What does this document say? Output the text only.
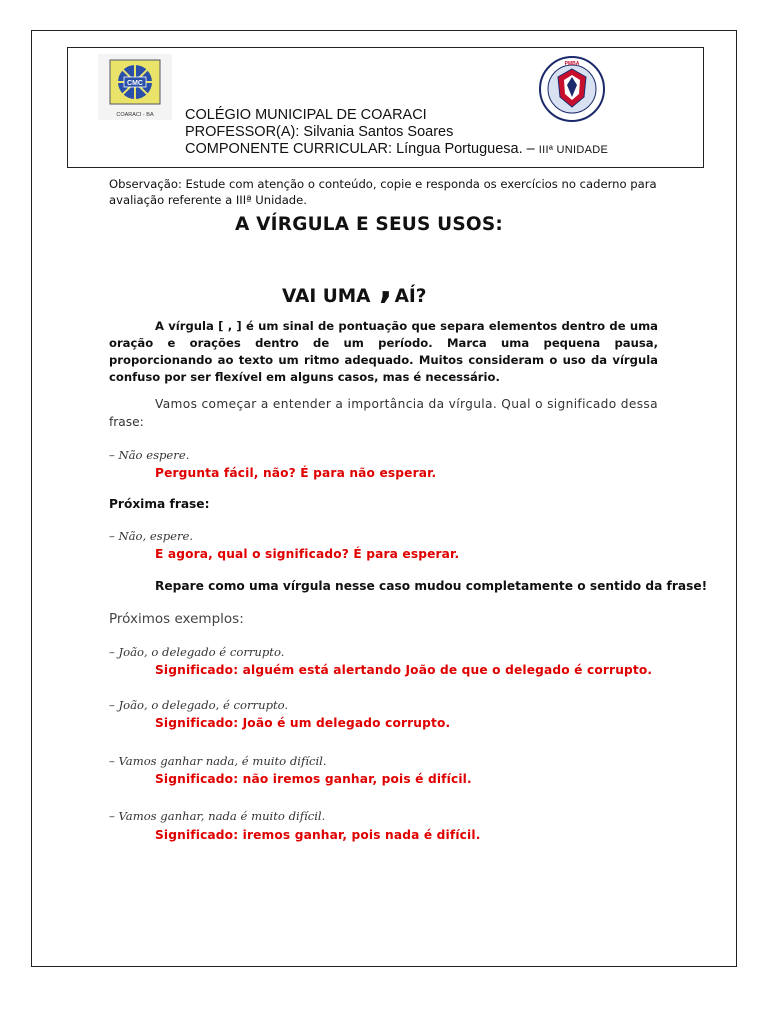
CMC
COARACI - BA
PMBA
COLÉGIO MUNICIPAL DE COARACI
PROFESSOR(A): Silvania Santos Soares
COMPONENTE CURRICULAR: Língua Portuguesa. – IIIª UNIDADE
Observação: Estude com atenção o conteúdo, copie e responda os exercícios no caderno para avaliação referente a IIIª Unidade.
A VÍRGULA E SEUS USOS:
VAI UMA , AÍ?
A vírgula [ , ] é um sinal de pontuação que separa elementos dentro de uma oração e orações dentro de um período. Marca uma pequena pausa, proporcionando ao texto um ritmo adequado. Muitos consideram o uso da vírgula confuso por ser flexível em alguns casos, mas é necessário.
Vamos começar a entender a importância da vírgula. Qual o significado dessa
frase:
– Não espere.
Pergunta fácil, não? É para não esperar.
Próxima frase:
– Não, espere.
E agora, qual o significado? É para esperar.
Repare como uma vírgula nesse caso mudou completamente o sentido da frase!
Próximos exemplos:
– João, o delegado é corrupto.
Significado: alguém está alertando João de que o delegado é corrupto.
– João, o delegado, é corrupto.
Significado: João é um delegado corrupto.
– Vamos ganhar nada, é muito difícil.
Significado: não iremos ganhar, pois é difícil.
– Vamos ganhar, nada é muito difícil.
Significado: iremos ganhar, pois nada é difícil.
